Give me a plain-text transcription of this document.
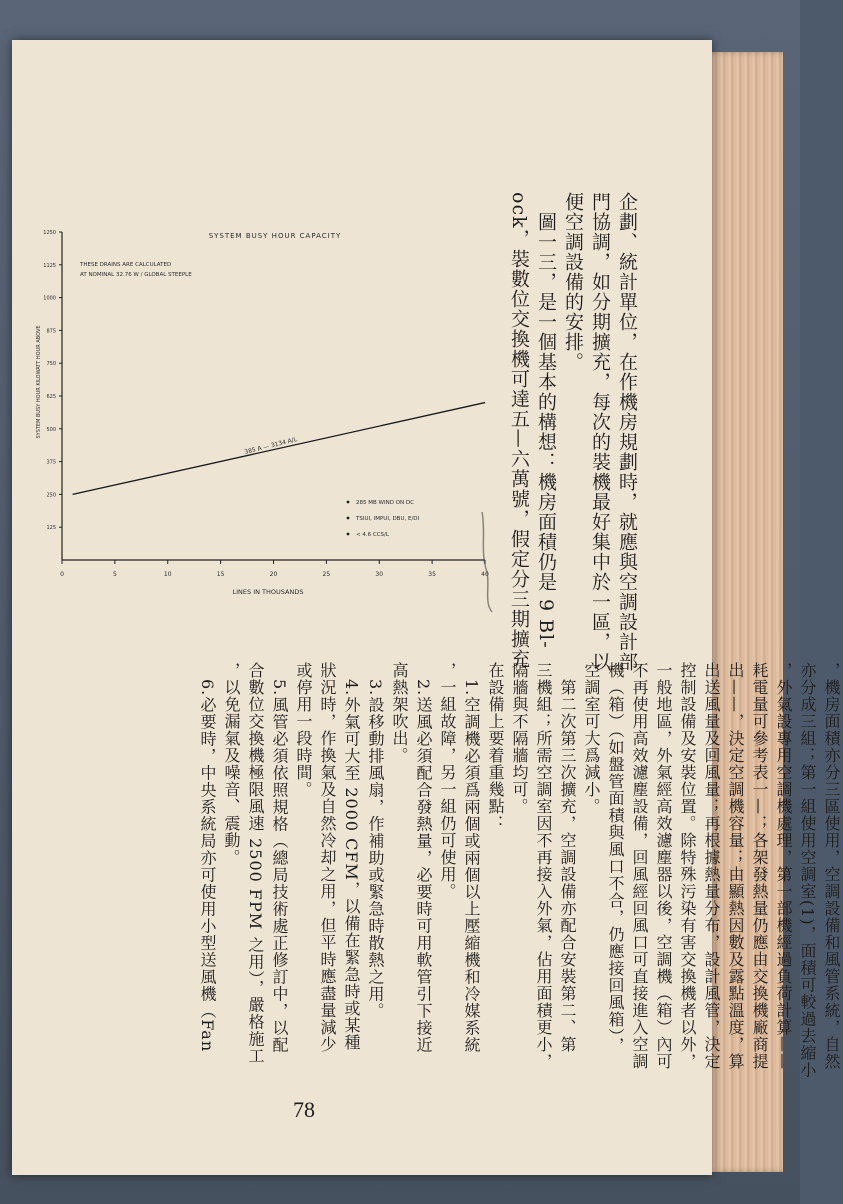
企劃、統計單位，在作機房規劃時，就應與空調設計部
門協調，如分期擴充，每次的裝機最好集中於一區，以
便空調設備的安排。
　圖一三，是一個基本的構想：機房面積仍是 9 Bl-
ock，裝數位交換機可達五—六萬號，假定分三期擴充
0	5	10	15	20	25	30	35	40
1250
1125
1000
875
750
625
500
375
250
125
SYSTEM BUSY HOUR CAPACITY
THESE DRAINS ARE CALCULATED
AT NOMINAL 32.76 W / GLOBAL STEEPLE
385 A — 3134 A/L
285 MB WIND ON DC
TSIUI, IMPUI, DBU, E/DI
< 4.6 CCS/L
LINES IN THOUSANDS
SYSTEM BUSY HOUR KILOWATT HOUR ABOVE
，機房面積亦分三區使用，空調設備和風管系統，自然
亦分成三組；第一組使用空調室(1)，面積可較過去縮小
，外氣設專用空調機處理，第一部機經過負荷計算——
耗電量可參考表一—；各架發熱量仍應由交換機廠商提
出——，決定空調機容量；由顯熱因數及露點溫度，算
出送風量及回風量；再根據熱量分布，設計風管，決定
控制設備及安裝位置。除特殊污染有害交換機者以外，
一般地區，外氣經高效濾塵器以後，空調機（箱）內可
不再使用高效濾塵設備，回風經回風口可直接進入空調
機（箱）（如盤管面積與風口不合，仍應接回風箱），
空調室可大爲減小。
　第二次第三次擴充，空調設備亦配合安裝第二、第
三機組；所需空調室因不再接入外氣，佔用面積更小，
隔牆與不隔牆均可。
在設備上要着重幾點：
　1.空調機必須爲兩個或兩個以上壓縮機和冷媒系統
，一組故障，另一組仍可使用。
　2.送風必須配合發熱量，必要時可用軟管引下接近
高熱架吹出。
　3.設移動排風扇，作補助或緊急時散熱之用。
　4.外氣可大至 2000 CFM，以備在緊急時或某種
狀況時，作換氣及自然冷却之用，但平時應盡量減少
或停用一段時間。
　5.風管必須依照規格（總局技術處正修訂中，以配
合數位交換機極限風速 2500 FPM 之用），嚴格施工
，以免漏氣及噪音、震動。
　6.必要時，中央系統局亦可使用小型送風機（Fan
78
